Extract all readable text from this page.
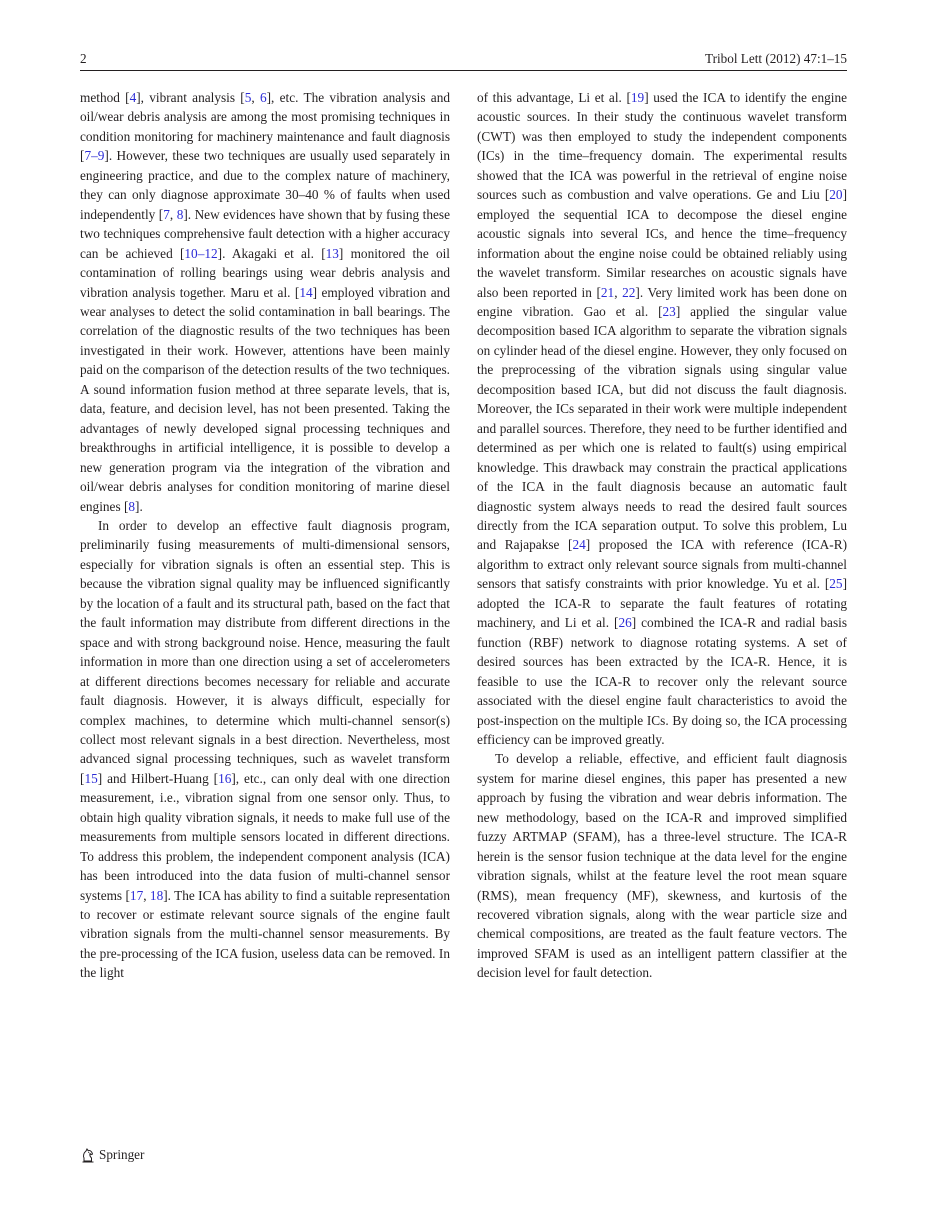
2	Tribol Lett (2012) 47:1–15

method [4], vibrant analysis [5, 6], etc. The vibration analysis and oil/wear debris analysis are among the most promising techniques in condition monitoring for machinery maintenance and fault diagnosis [7–9]. However, these two techniques are usually used separately in engineering practice, and due to the complex nature of machinery, they can only diagnose approximate 30–40 % of faults when used independently [7, 8]. New evidences have shown that by fusing these two techniques comprehensive fault detection with a higher accuracy can be achieved [10–12]. Akagaki et al. [13] monitored the oil contamination of rolling bearings using wear debris analysis and vibration analysis together. Maru et al. [14] employed vibration and wear analyses to detect the solid contamination in ball bearings. The correlation of the diagnostic results of the two techniques has been investigated in their work. However, attentions have been mainly paid on the comparison of the detection results of the two techniques. A sound information fusion method at three separate levels, that is, data, feature, and decision level, has not been presented. Taking the advantages of newly developed signal processing techniques and breakthroughs in artificial intelligence, it is possible to develop a new generation program via the integration of the vibration and oil/wear debris analyses for condition monitoring of marine diesel engines [8].

In order to develop an effective fault diagnosis program, preliminarily fusing measurements of multi-dimensional sensors, especially for vibration signals is often an essential step. This is because the vibration signal quality may be influenced significantly by the location of a fault and its structural path, based on the fact that the fault information may distribute from different directions in the space and with strong background noise. Hence, measuring the fault information in more than one direction using a set of accelerometers at different directions becomes necessary for reliable and accurate fault diagnosis. However, it is always difficult, especially for complex machines, to determine which multi-channel sensor(s) collect most relevant signals in a best direction. Nevertheless, most advanced signal processing techniques, such as wavelet transform [15] and Hilbert-Huang [16], etc., can only deal with one direction measurement, i.e., vibration signal from one sensor only. Thus, to obtain high quality vibration signals, it needs to make full use of the measurements from multiple sensors located in different directions. To address this problem, the independent component analysis (ICA) has been introduced into the data fusion of multi-channel sensor systems [17, 18]. The ICA has ability to find a suitable representation to recover or estimate relevant source signals of the engine fault vibration signals from the multi-channel sensor measurements. By the pre-processing of the ICA fusion, useless data can be removed. In the light

of this advantage, Li et al. [19] used the ICA to identify the engine acoustic sources. In their study the continuous wavelet transform (CWT) was then employed to study the independent components (ICs) in the time–frequency domain. The experimental results showed that the ICA was powerful in the retrieval of engine noise sources such as combustion and valve operations. Ge and Liu [20] employed the sequential ICA to decompose the diesel engine acoustic signals into several ICs, and hence the time–frequency information about the engine noise could be obtained reliably using the wavelet transform. Similar researches on acoustic signals have also been reported in [21, 22]. Very limited work has been done on engine vibration. Gao et al. [23] applied the singular value decomposition based ICA algorithm to separate the vibration signals on cylinder head of the diesel engine. However, they only focused on the preprocessing of the vibration signals using singular value decomposition based ICA, but did not discuss the fault diagnosis. Moreover, the ICs separated in their work were multiple independent and parallel sources. Therefore, they need to be further identified and determined as per which one is related to fault(s) using empirical knowledge. This drawback may constrain the practical applications of the ICA in the fault diagnosis because an automatic fault diagnostic system always needs to read the desired fault sources directly from the ICA separation output. To solve this problem, Lu and Rajapakse [24] proposed the ICA with reference (ICA-R) algorithm to extract only relevant source signals from multi-channel sensors that satisfy constraints with prior knowledge. Yu et al. [25] adopted the ICA-R to separate the fault features of rotating machinery, and Li et al. [26] combined the ICA-R and radial basis function (RBF) network to diagnose rotating systems. A set of desired sources has been extracted by the ICA-R. Hence, it is feasible to use the ICA-R to recover only the relevant source associated with the diesel engine fault characteristics to avoid the post-inspection on the multiple ICs. By doing so, the ICA processing efficiency can be improved greatly.

To develop a reliable, effective, and efficient fault diagnosis system for marine diesel engines, this paper has presented a new approach by fusing the vibration and wear debris information. The new methodology, based on the ICA-R and improved simplified fuzzy ARTMAP (SFAM), has a three-level structure. The ICA-R herein is the sensor fusion technique at the data level for the engine vibration signals, whilst at the feature level the root mean square (RMS), mean frequency (MF), skewness, and kurtosis of the recovered vibration signals, along with the wear particle size and chemical compositions, are treated as the fault feature vectors. The improved SFAM is used as an intelligent pattern classifier at the decision level for fault detection.

Springer
